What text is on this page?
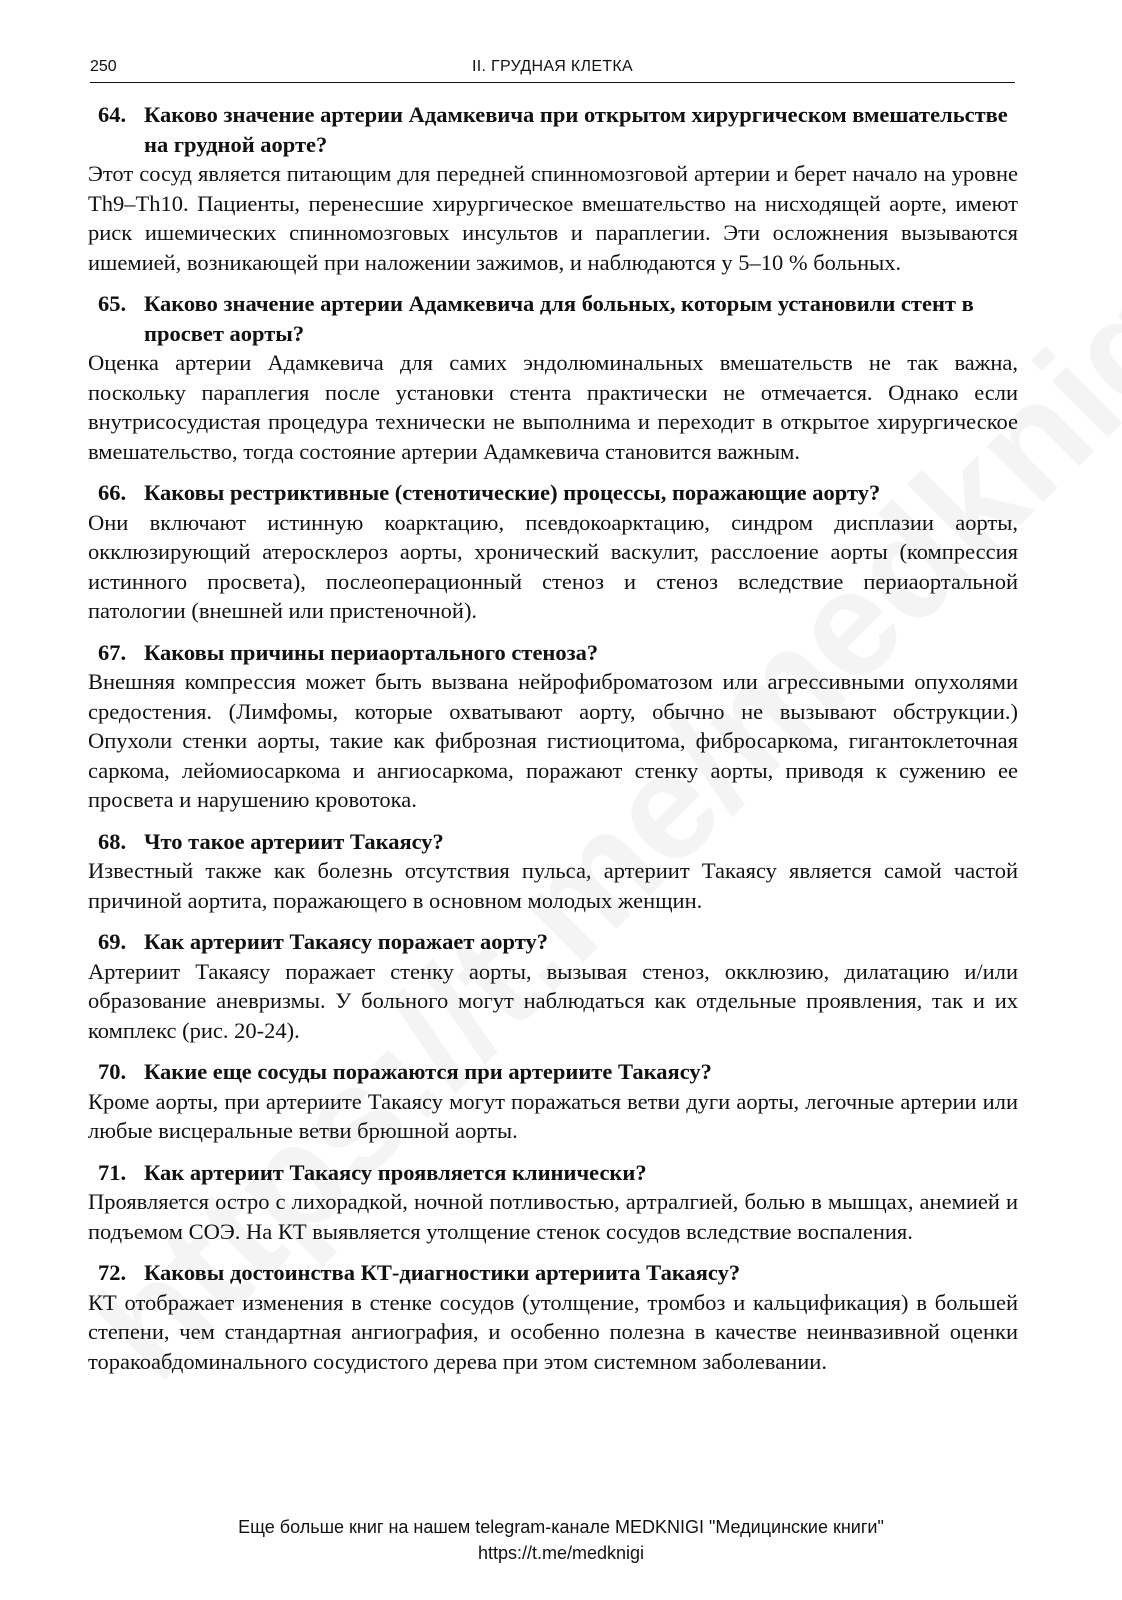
250	II. ГРУДНАЯ КЛЕТКА

64. Каково значение артерии Адамкевича при открытом хирургическом вмешательстве на грудной аорте?

Этот сосуд является питающим для передней спинномозговой артерии и берет начало на уровне Th9–Th10. Пациенты, перенесшие хирургическое вмешательство на нисходящей аорте, имеют риск ишемических спинномозговых инсультов и параплегии. Эти осложнения вызываются ишемией, возникающей при наложении зажимов, и наблюдаются у 5–10 % больных.

65. Каково значение артерии Адамкевича для больных, которым установили стент в просвет аорты?

Оценка артерии Адамкевича для самих эндолюминальных вмешательств не так важна, поскольку параплегия после установки стента практически не отмечается. Однако если внутрисосудистая процедура технически не выполнима и переходит в открытое хирургическое вмешательство, тогда состояние артерии Адамкевича становится важным.

66. Каковы рестриктивные (стенотические) процессы, поражающие аорту?

Они включают истинную коарктацию, псевдокоарктацию, синдром дисплазии аорты, окклюзирующий атеросклероз аорты, хронический васкулит, расслоение аорты (компрессия истинного просвета), послеоперационный стеноз и стеноз вследствие периаортальной патологии (внешней или пристеночной).

67. Каковы причины периаортального стеноза?

Внешняя компрессия может быть вызвана нейрофиброматозом или агрессивными опухолями средостения. (Лимфомы, которые охватывают аорту, обычно не вызывают обструкции.) Опухоли стенки аорты, такие как фиброзная гистиоцитома, фибросаркома, гигантоклеточная саркома, лейомиосаркома и ангиосаркома, поражают стенку аорты, приводя к сужению ее просвета и нарушению кровотока.

68. Что такое артериит Такаясу?

Известный также как болезнь отсутствия пульса, артериит Такаясу является самой частой причиной аортита, поражающего в основном молодых женщин.

69. Как артериит Такаясу поражает аорту?

Артериит Такаясу поражает стенку аорты, вызывая стеноз, окклюзию, дилатацию и/или образование аневризмы. У больного могут наблюдаться как отдельные проявления, так и их комплекс (рис. 20-24).

70. Какие еще сосуды поражаются при артериите Такаясу?

Кроме аорты, при артериите Такаясу могут поражаться ветви дуги аорты, легочные артерии или любые висцеральные ветви брюшной аорты.

71. Как артериит Такаясу проявляется клинически?

Проявляется остро с лихорадкой, ночной потливостью, артралгией, болью в мышцах, анемией и подъемом СОЭ. На КТ выявляется утолщение стенок сосудов вследствие воспаления.

72. Каковы достоинства КТ-диагностики артериита Такаясу?

КТ отображает изменения в стенке сосудов (утолщение, тромбоз и кальцификация) в большей степени, чем стандартная ангиография, и особенно полезна в качестве неинвазивной оценки торакоабдоминального сосудистого дерева при этом системном заболевании.

Еще больше книг на нашем telegram-канале MEDKNIGI "Медицинские книги"
https://t.me/medknigi
